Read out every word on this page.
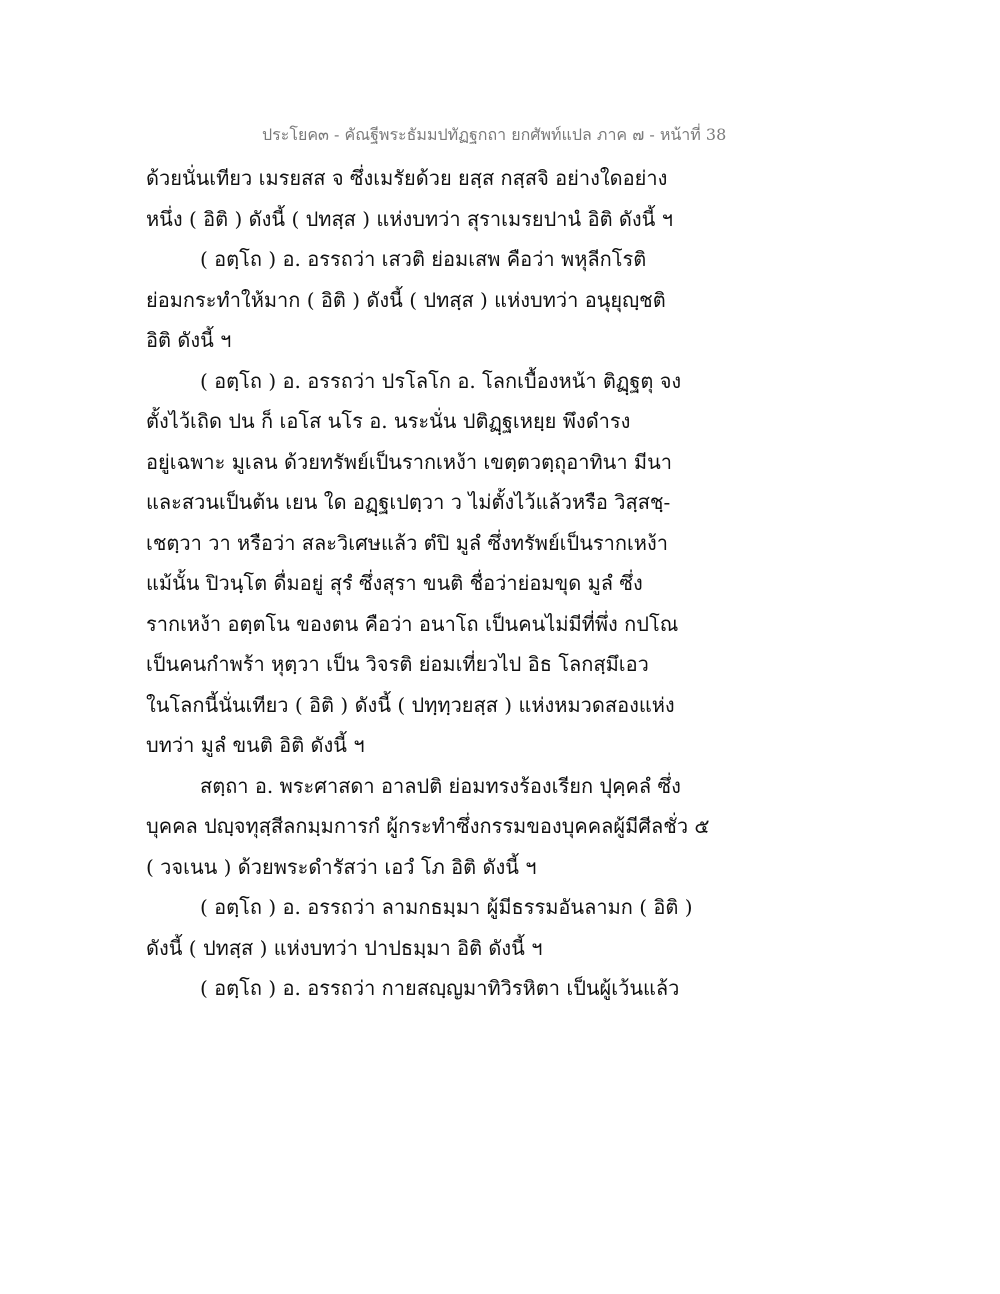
ประโยค๓ - คัณฐีพระธัมมปทัฏฐกถา ยกศัพท์แปล ภาค ๗ - หน้าที่ 38
ด้วยนั่นเทียว เมรยสส จ ซึ่งเมรัยด้วย ยสฺส กสฺสจิ อย่างใดอย่าง
หนึ่ง ( อิติ ) ดังนี้ ( ปทสฺส ) แห่งบทว่า สุราเมรยปานํ อิติ ดังนี้ ฯ
( อตฺโถ ) อ. อรรถว่า เสวติ ย่อมเสพ คือว่า พหุลีกโรติ
ย่อมกระทำให้มาก ( อิติ ) ดังนี้ ( ปทสฺส ) แห่งบทว่า อนุยุญฺชติ
อิติ ดังนี้ ฯ
( อตฺโถ ) อ. อรรถว่า ปรโลโก อ. โลกเบื้องหน้า ติฏฺฐตุ จง
ตั้งไว้เถิด ปน ก็ เอโส นโร อ. นระนั่น ปติฏฺฐเหยฺย พึงดำรง
อยู่เฉพาะ มูเลน ด้วยทรัพย์เป็นรากเหง้า เขตฺตวตฺถุอาทินา มีนา
และสวนเป็นต้น เยน ใด อฏฺฐเปตฺวา ว ไม่ตั้งไว้แล้วหรือ วิสฺสชฺ-
เชตฺวา วา หรือว่า สละวิเศษแล้ว ตํปิ มูลํ ซึ่งทรัพย์เป็นรากเหง้า
แม้นั้น ปิวนฺโต ดื่มอยู่ สุรํ ซึ่งสุรา ขนติ ชื่อว่าย่อมขุด มูลํ ซึ่ง
รากเหง้า อตฺตโน ของตน คือว่า อนาโถ เป็นคนไม่มีที่พึ่ง กปโณ
เป็นคนกำพร้า หุตฺวา เป็น วิจรติ ย่อมเที่ยวไป อิธ โลกสฺมึเอว
ในโลกนี้นั่นเทียว ( อิติ ) ดังนี้ ( ปทฺทฺวยสฺส ) แห่งหมวดสองแห่ง
บทว่า มูลํ ขนติ อิติ ดังนี้ ฯ
สตฺถา อ. พระศาสดา อาลปติ ย่อมทรงร้องเรียก ปุคฺคลํ ซึ่ง
บุคคล ปญฺจทุสฺสีลกมฺมการกํ ผู้กระทำซึ่งกรรมของบุคคลผู้มีศีลชั่ว ๕
( วจเนน ) ด้วยพระดำรัสว่า เอวํ โภ อิติ ดังนี้ ฯ
( อตฺโถ ) อ. อรรถว่า ลามกธมฺมา ผู้มีธรรมอันลามก ( อิติ )
ดังนี้ ( ปทสฺส ) แห่งบทว่า ปาปธมฺมา อิติ ดังนี้ ฯ
( อตฺโถ ) อ. อรรถว่า กายสญฺญมาทิวิรหิตา เป็นผู้เว้นแล้ว
